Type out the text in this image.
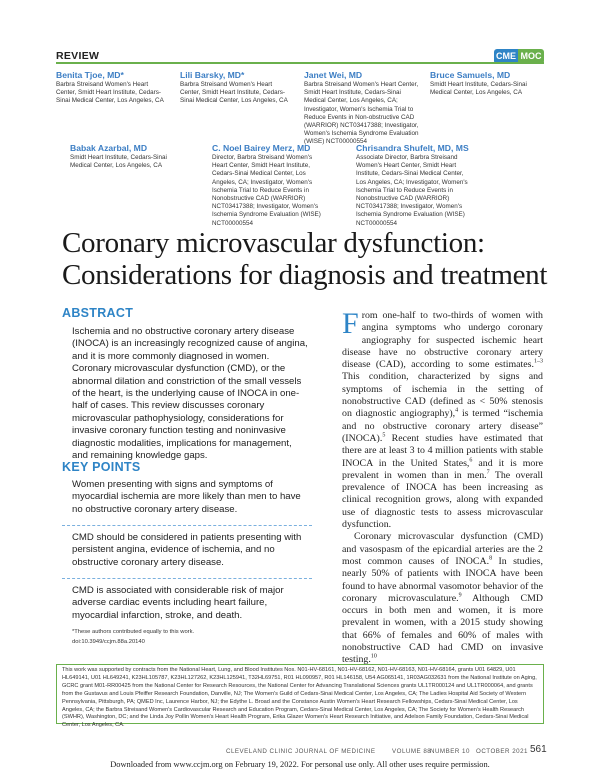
REVIEW	CME MOC
Benita Tjoe, MD*
Barbra Streisand Women's Heart Center, Smidt Heart Institute, Cedars-Sinai Medical Center, Los Angeles, CA
Lili Barsky, MD*
Barbra Streisand Women's Heart Center, Smidt Heart Institute, Cedars-Sinai Medical Center, Los Angeles, CA
Janet Wei, MD
Barbra Streisand Women's Heart Center, Smidt Heart Institute, Cedars-Sinai Medical Center, Los Angeles, CA; Investigator, Women's Ischemia Trial to Reduce Events in Non-obstructive CAD (WARRIOR) NCT03417388; Investigator, Women's Ischemia Syndrome Evaluation (WISE) NCT00000554
Bruce Samuels, MD
Smidt Heart Institute, Cedars-Sinai Medical Center, Los Angeles, CA
Babak Azarbal, MD
Smidt Heart Institute, Cedars-Sinai Medical Center, Los Angeles, CA
C. Noel Bairey Merz, MD
Director, Barbra Streisand Women's Heart Center, Smidt Heart Institute, Cedars-Sinai Medical Center, Los Angeles, CA; Investigator, Women's Ischemia Trial to Reduce Events in Nonobstructive CAD (WARRIOR) NCT03417388; Investigator, Women's Ischemia Syndrome Evaluation (WISE) NCT00000554
Chrisandra Shufelt, MD, MS
Associate Director, Barbra Streisand Women's Heart Center, Smidt Heart Institute, Cedars-Sinai Medical Center, Los Angeles, CA; Investigator, Women's Ischemia Trial to Reduce Events in Nonobstructive CAD (WARRIOR) NCT03417388; Investigator, Women's Ischemia Syndrome Evaluation (WISE) NCT00000554
Coronary microvascular dysfunction: Considerations for diagnosis and treatment
ABSTRACT
Ischemia and no obstructive coronary artery disease (INOCA) is an increasingly recognized cause of angina, and it is more commonly diagnosed in women. Coronary microvascular dysfunction (CMD), or the abnormal dilation and constriction of the small vessels of the heart, is the underlying cause of INOCA in one-half of cases. This review discusses coronary microvascular pathophysiology, considerations for invasive coronary function testing and noninvasive diagnostic modalities, implications for management, and remaining knowledge gaps.
KEY POINTS
Women presenting with signs and symptoms of myocardial ischemia are more likely than men to have no obstructive coronary artery disease.
CMD should be considered in patients presenting with persistent angina, evidence of ischemia, and no obstructive coronary artery disease.
CMD is associated with considerable risk of major adverse cardiac events including heart failure, myocardial infarction, stroke, and death.
*These authors contributed equally to this work.
doi:10.3949/ccjm.88a.20140

From one-half to two-thirds of women with angina symptoms who undergo coronary angiography for suspected ischemic heart disease have no obstructive coronary artery disease (CAD), according to some estimates.$^{1-3}$ This condition, characterized by signs and symptoms of ischemia in the setting of nonobstructive CAD (defined as < 50% stenosis on diagnostic angiography),$^4$ is termed “ischemia and no obstructive coronary artery disease” (INOCA).$^5$ Recent studies have estimated that there are at least 3 to 4 million patients with stable INOCA in the United States,$^6$ and it is more prevalent in women than in men.$^7$ The overall prevalence of INOCA has been increasing as clinical recognition grows, along with expanded use of diagnostic tests to assess microvascular dysfunction.

Coronary microvascular dysfunction (CMD) and vasospasm of the epicardial arteries are the 2 most common causes of INOCA.$^8$ In studies, nearly 50% of patients with INOCA have been found to have abnormal vasomotor behavior of the coronary microvasculature.$^9$ Although CMD occurs in both men and women, it is more prevalent in women, with a 2015 study showing that 66% of females and 60% of males with nonobstructive CAD had CMD on invasive testing.$^{10}$

This work was supported by contracts from the National Heart, Lung, and Blood Institutes Nos. N01-HV-68161, N01-HV-68162, N01-HV-68163, N01-HV-68164, grants U01 64829, U01 HL649141, U01 HL649241, K23HL105787, K23HL127262, K23HL125941, T32HL69751, R01 HL090957, R01 HL146158, U54 AG065141, 1R03AG032631 from the National Institute on Aging, GCRC grant M01-RR00425 from the National Center for Research Resources, the National Center for Advancing Translational Sciences grants UL1TR000124 and UL1TR000064, and grants from the Gustavus and Louis Pfeiffer Research Foundation, Danville, NJ; The Women's Guild of Cedars-Sinai Medical Center, Los Angeles, CA; The Ladies Hospital Aid Society of Western Pennsylvania, Pittsburgh, PA; QMED Inc, Laurence Harbor, NJ; the Edythe L. Broad and the Constance Austin Women's Heart Research Fellowships, Cedars-Sinai Medical Center, Los Angeles, CA; the Barbra Streisand Women's Cardiovascular Research and Education Program, Cedars-Sinai Medical Center, Los Angeles, CA; The Society for Women's Health Research (SWHR), Washington, DC; and the Linda Joy Pollin Women's Heart Health Program, Erika Glazer Women's Heart Research Initiative, and Adelson Family Foundation, Cedars-Sinai Medical Center, Los Angeles, CA.
CLEVELAND CLINIC JOURNAL OF MEDICINE	VOLUME 88
NUMBER 10 OCTOBER 2021 561
Downloaded from www.ccjm.org on February 19, 2022. For personal use only. All other uses require permission.
